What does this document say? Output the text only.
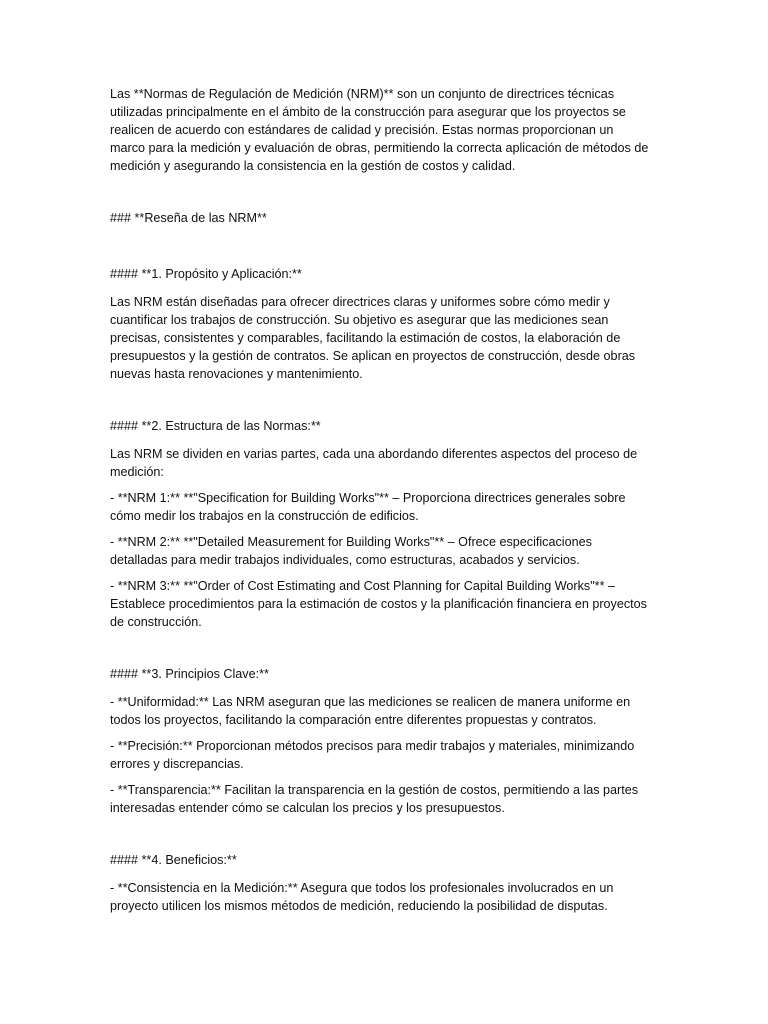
Las **Normas de Regulación de Medición (NRM)** son un conjunto de directrices técnicas utilizadas principalmente en el ámbito de la construcción para asegurar que los proyectos se realicen de acuerdo con estándares de calidad y precisión. Estas normas proporcionan un marco para la medición y evaluación de obras, permitiendo la correcta aplicación de métodos de medición y asegurando la consistencia en la gestión de costos y calidad.

### **Reseña de las NRM**

#### **1. Propósito y Aplicación:**

Las NRM están diseñadas para ofrecer directrices claras y uniformes sobre cómo medir y cuantificar los trabajos de construcción. Su objetivo es asegurar que las mediciones sean precisas, consistentes y comparables, facilitando la estimación de costos, la elaboración de presupuestos y la gestión de contratos. Se aplican en proyectos de construcción, desde obras nuevas hasta renovaciones y mantenimiento.

#### **2. Estructura de las Normas:**

Las NRM se dividen en varias partes, cada una abordando diferentes aspectos del proceso de medición:

- **NRM 1:** **"Specification for Building Works"** – Proporciona directrices generales sobre cómo medir los trabajos en la construcción de edificios.

- **NRM 2:** **"Detailed Measurement for Building Works"** – Ofrece especificaciones detalladas para medir trabajos individuales, como estructuras, acabados y servicios.

- **NRM 3:** **"Order of Cost Estimating and Cost Planning for Capital Building Works"** – Establece procedimientos para la estimación de costos y la planificación financiera en proyectos de construcción.

#### **3. Principios Clave:**

- **Uniformidad:** Las NRM aseguran que las mediciones se realicen de manera uniforme en todos los proyectos, facilitando la comparación entre diferentes propuestas y contratos.

- **Precisión:** Proporcionan métodos precisos para medir trabajos y materiales, minimizando errores y discrepancias.

- **Transparencia:** Facilitan la transparencia en la gestión de costos, permitiendo a las partes interesadas entender cómo se calculan los precios y los presupuestos.

#### **4. Beneficios:**

- **Consistencia en la Medición:** Asegura que todos los profesionales involucrados en un proyecto utilicen los mismos métodos de medición, reduciendo la posibilidad de disputas.
